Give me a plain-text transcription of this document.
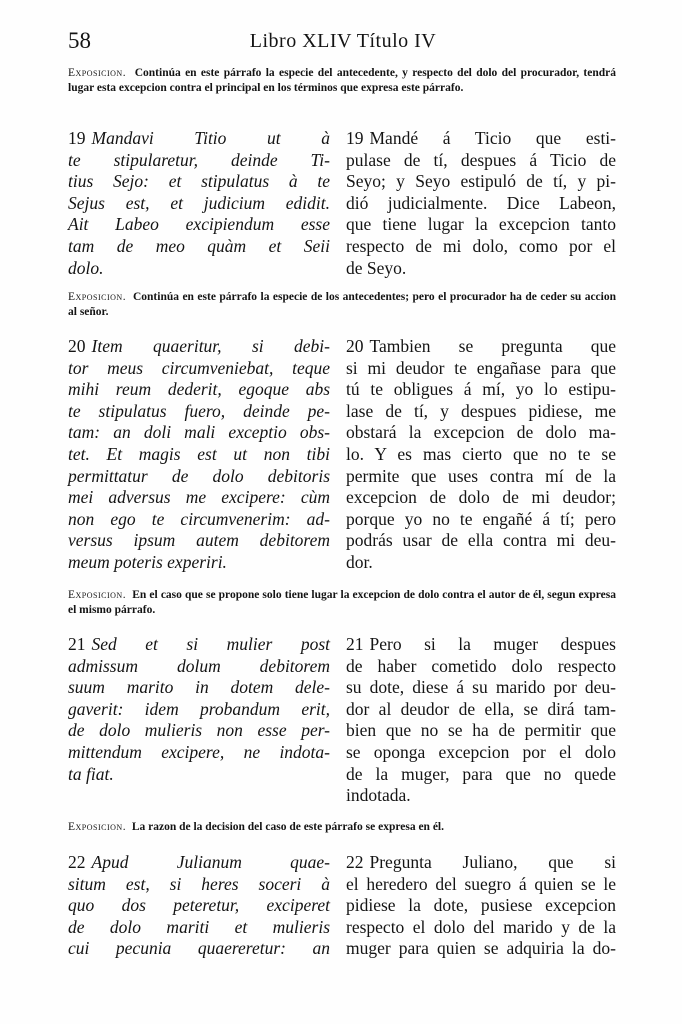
58	Libro XLIV Título IV
Exposicion. Continúa en este párrafo la especie del antecedente, y respecto del dolo del procurador, tendrá lugar esta excepcion contra el principal en los términos que expresa este párrafo.
19 Mandavi Titio ut à
te stipularetur, deinde Ti-
tius Sejo: et stipulatus à te
Sejus est, et judicium edidit.
Ait Labeo excipiendum esse
tam de meo quàm et Seii
dolo.
19 Mandé á Ticio que esti-
pulase de tí, despues á Ticio de
Seyo; y Seyo estipuló de tí, y pi-
dió judicialmente. Dice Labeon,
que tiene lugar la excepcion tanto
respecto de mi dolo, como por el
de Seyo.
Exposicion. Continúa en este párrafo la especie de los antecedentes; pero el procurador ha de ceder su accion al señor.
20 Item quaeritur, si debi-
tor meus circumveniebat, teque
mihi reum dederit, egoque abs
te stipulatus fuero, deinde pe-
tam: an doli mali exceptio obs-
tet. Et magis est ut non tibi
permittatur de dolo debitoris
mei adversus me excipere: cùm
non ego te circumvenerim: ad-
versus ipsum autem debitorem
meum poteris experiri.
20 Tambien se pregunta que
si mi deudor te engañase para que
tú te obligues á mí, yo lo estipu-
lase de tí, y despues pidiese, me
obstará la excepcion de dolo ma-
lo. Y es mas cierto que no te se
permite que uses contra mí de la
excepcion de dolo de mi deudor;
porque yo no te engañé á tí; pero
podrás usar de ella contra mi deu-
dor.
Exposicion. En el caso que se propone solo tiene lugar la excepcion de dolo contra el autor de él, segun expresa el mismo párrafo.
21 Sed et si mulier post
admissum dolum debitorem
suum marito in dotem dele-
gaverit: idem probandum erit,
de dolo mulieris non esse per-
mittendum excipere, ne indota-
ta fiat.
21 Pero si la muger despues
de haber cometido dolo respecto
su dote, diese á su marido por deu-
dor al deudor de ella, se dirá tam-
bien que no se ha de permitir que
se oponga excepcion por el dolo
de la muger, para que no quede
indotada.
Exposicion. La razon de la decision del caso de este párrafo se expresa en él.
22 Apud Julianum quae-
situm est, si heres soceri à
quo dos peteretur, exciperet
de dolo mariti et mulieris
cui pecunia quaereretur: an
22 Pregunta Juliano, que si
el heredero del suegro á quien se le
pidiese la dote, pusiese excepcion
respecto el dolo del marido y de la
muger para quien se adquiria la do-
